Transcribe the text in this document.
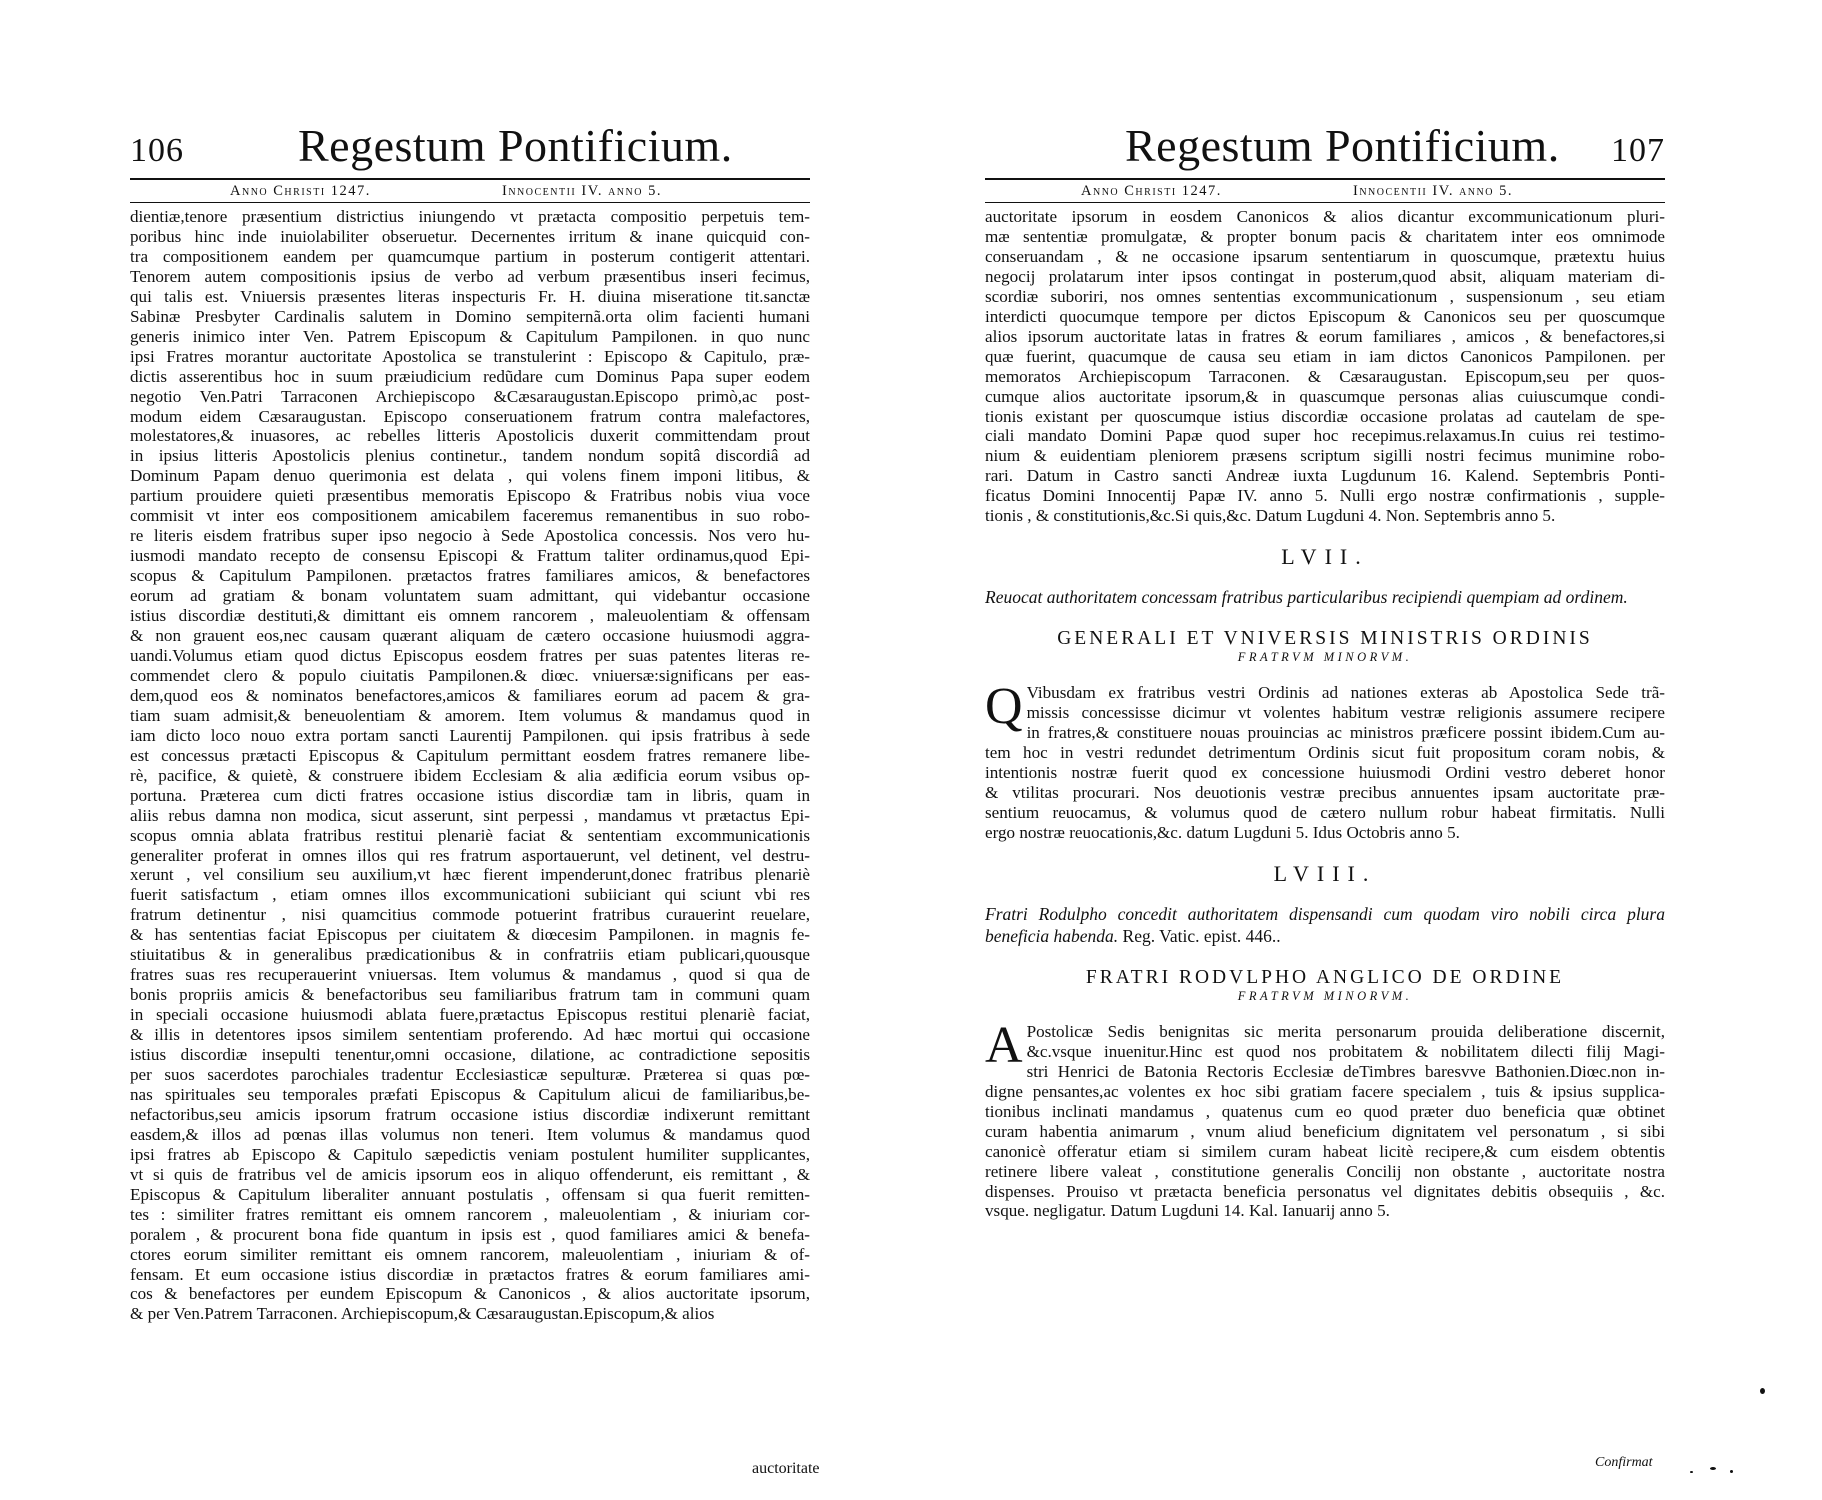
106 Regestum Pontificium.
Anno Christi 1247.	Innocentii IV. anno 5.
dientiæ,tenore præsentium districtius iniungendo vt prætacta compositio perpetuis tem-
poribus hinc inde inuiolabiliter obseruetur. Decernentes irritum & inane quicquid con-
tra compositionem eandem per quamcumque partium in posterum contigerit attentari.
Tenorem autem compositionis ipsius de verbo ad verbum præsentibus inseri fecimus,
qui talis est. Vniuersis præsentes literas inspecturis Fr. H. diuina miseratione tit.sanctæ
Sabinæ Presbyter Cardinalis salutem in Domino sempiternã.orta olim facienti humani
generis inimico inter Ven. Patrem Episcopum & Capitulum Pampilonen. in quo nunc
ipsi Fratres morantur auctoritate Apostolica se transtulerint : Episcopo & Capitulo, præ-
dictis asserentibus hoc in suum præiudicium redũdare cum Dominus Papa super eodem
negotio Ven.Patri Tarraconen Archiepiscopo &Cæsaraugustan.Episcopo primò,ac post-
modum eidem Cæsaraugustan. Episcopo conseruationem fratrum contra malefactores,
molestatores,& inuasores, ac rebelles litteris Apostolicis duxerit committendam prout
in ipsius litteris Apostolicis plenius continetur., tandem nondum sopitâ discordiâ ad
Dominum Papam denuo querimonia est delata , qui volens finem imponi litibus, &
partium prouidere quieti præsentibus memoratis Episcopo & Fratribus nobis viua voce
commisit vt inter eos compositionem amicabilem faceremus remanentibus in suo robo-
re literis eisdem fratribus super ipso negocio à Sede Apostolica concessis. Nos vero hu-
iusmodi mandato recepto de consensu Episcopi & Frattum taliter ordinamus,quod Epi-
scopus & Capitulum Pampilonen. prætactos fratres familiares amicos, & benefactores
eorum ad gratiam & bonam voluntatem suam admittant, qui videbantur occasione
istius discordiæ destituti,& dimittant eis omnem rancorem , maleuolentiam & offensam
& non grauent eos,nec causam quærant aliquam de cætero occasione huiusmodi aggra-
uandi.Volumus etiam quod dictus Episcopus eosdem fratres per suas patentes literas re-
commendet clero & populo ciuitatis Pampilonen.& diœc. vniuersæ:significans per eas-
dem,quod eos & nominatos benefactores,amicos & familiares eorum ad pacem & gra-
tiam suam admisit,& beneuolentiam & amorem. Item volumus & mandamus quod in
iam dicto loco nouo extra portam sancti Laurentij Pampilonen. qui ipsis fratribus à sede
est concessus prætacti Episcopus & Capitulum permittant eosdem fratres remanere libe-
rè, pacifice, & quietè, & construere ibidem Ecclesiam & alia ædificia eorum vsibus op-
portuna. Præterea cum dicti fratres occasione istius discordiæ tam in libris, quam in
aliis rebus damna non modica, sicut asserunt, sint perpessi , mandamus vt prætactus Epi-
scopus omnia ablata fratribus restitui plenariè faciat & sententiam excommunicationis
generaliter proferat in omnes illos qui res fratrum asportauerunt, vel detinent, vel destru-
xerunt , vel consilium seu auxilium,vt hæc fierent impenderunt,donec fratribus plenariè
fuerit satisfactum , etiam omnes illos excommunicationi subiiciant qui sciunt vbi res
fratrum detinentur , nisi quamcitius commode potuerint fratribus curauerint reuelare,
& has sententias faciat Episcopus per ciuitatem & diœcesim Pampilonen. in magnis fe-
stiuitatibus & in generalibus prædicationibus & in confratriis etiam publicari,quousque
fratres suas res recuperauerint vniuersas. Item volumus & mandamus , quod si qua de
bonis propriis amicis & benefactoribus seu familiaribus fratrum tam in communi quam
in speciali occasione huiusmodi ablata fuere,prætactus Episcopus restitui plenariè faciat,
& illis in detentores ipsos similem sententiam proferendo. Ad hæc mortui qui occasione
istius discordiæ insepulti tenentur,omni occasione, dilatione, ac contradictione sepositis
per suos sacerdotes parochiales tradentur Ecclesiasticæ sepulturæ. Præterea si quas pœ-
nas spirituales seu temporales præfati Episcopus & Capitulum alicui de familiaribus,be-
nefactoribus,seu amicis ipsorum fratrum occasione istius discordiæ indixerunt remittant
easdem,& illos ad pœnas illas volumus non teneri. Item volumus & mandamus quod
ipsi fratres ab Episcopo & Capitulo sæpedictis veniam postulent humiliter supplicantes,
vt si quis de fratribus vel de amicis ipsorum eos in aliquo offenderunt, eis remittant , &
Episcopus & Capitulum liberaliter annuant postulatis , offensam si qua fuerit remitten-
tes : similiter fratres remittant eis omnem rancorem , maleuolentiam , & iniuriam cor-
poralem , & procurent bona fide quantum in ipsis est , quod familiares amici & benefa-
ctores eorum similiter remittant eis omnem rancorem, maleuolentiam , iniuriam & of-
fensam. Et eum occasione istius discordiæ in prætactos fratres & eorum familiares ami-
cos & benefactores per eundem Episcopum & Canonicos , & alios auctoritate ipsorum,
& per Ven.Patrem Tarraconen. Archiepiscopum,& Cæsaraugustan.Episcopum,& alios
Regestum Pontificium. 107
Anno Christi 1247.	Innocentii IV. anno 5.
auctoritate ipsorum in eosdem Canonicos & alios dicantur excommunicationum pluri-
mæ sententiæ promulgatæ, & propter bonum pacis & charitatem inter eos omnimode
conseruandam , & ne occasione ipsarum sententiarum in quoscumque, prætextu huius
negocij prolatarum inter ipsos contingat in posterum,quod absit, aliquam materiam di-
scordiæ suboriri, nos omnes sententias excommunicationum , suspensionum , seu etiam
interdicti quocumque tempore per dictos Episcopum & Canonicos seu per quoscumque
alios ipsorum auctoritate latas in fratres & eorum familiares , amicos , & benefactores,si
quæ fuerint, quacumque de causa seu etiam in iam dictos Canonicos Pampilonen. per
memoratos Archiepiscopum Tarraconen. & Cæsaraugustan. Episcopum,seu per quos-
cumque alios auctoritate ipsorum,& in quascumque personas alias cuiuscumque condi-
tionis existant per quoscumque istius discordiæ occasione prolatas ad cautelam de spe-
ciali mandato Domini Papæ quod super hoc recepimus.relaxamus.In cuius rei testimo-
nium & euidentiam pleniorem præsens scriptum sigilli nostri fecimus munimine robo-
rari. Datum in Castro sancti Andreæ iuxta Lugdunum 16. Kalend. Septembris Ponti-
ficatus Domini Innocentij Papæ IV. anno 5. Nulli ergo nostræ confirmationis , supple-
tionis , & constitutionis,&c.Si quis,&c. Datum Lugduni 4. Non. Septembris anno 5.
LVII.
Reuocat authoritatem concessam fratribus particularibus recipiendi quempiam ad ordinem.
GENERALI ET VNIVERSIS MINISTRIS ORDINIS
FRATRVM MINORVM.
Q Vibusdam ex fratribus vestri Ordinis ad nationes exteras ab Apostolica Sede trã-
missis concessisse dicimur vt volentes habitum vestræ religionis assumere recipere
in fratres,& constituere nouas prouincias ac ministros præficere possint ibidem.Cum au-
tem hoc in vestri redundet detrimentum Ordinis sicut fuit propositum coram nobis, &
intentionis nostræ fuerit quod ex concessione huiusmodi Ordini vestro deberet honor
& vtilitas procurari. Nos deuotionis vestræ precibus annuentes ipsam auctoritate præ-
sentium reuocamus, & volumus quod de cætero nullum robur habeat firmitatis. Nulli
ergo nostræ reuocationis,&c. datum Lugduni 5. Idus Octobris anno 5.
LVIII.
Fratri Rodulpho concedit authoritatem dispensandi cum quodam viro nobili circa plura beneficia habenda. Reg. Vatic. epist. 446..
FRATRI RODVLPHO ANGLICO DE ORDINE
FRATRVM MINORVM.
A Postolicæ Sedis benignitas sic merita personarum prouida deliberatione discernit,
&c.vsque inuenitur.Hinc est quod nos probitatem & nobilitatem dilecti filij Magi-
stri Henrici de Batonia Rectoris Ecclesiæ deTimbres baresvve Bathonien.Diœc.non in-
digne pensantes,ac volentes ex hoc sibi gratiam facere specialem , tuis & ipsius supplica-
tionibus inclinati mandamus , quatenus cum eo quod præter duo beneficia quæ obtinet
curam habentia animarum , vnum aliud beneficium dignitatem vel personatum , si sibi
canonicè offeratur etiam si similem curam habeat licitè recipere,& cum eisdem obtentis
retinere libere valeat , constitutione generalis Concilij non obstante , auctoritate nostra
dispenses. Prouiso vt prætacta beneficia personatus vel dignitates debitis obsequiis , &c.
vsque. negligatur. Datum Lugduni 14. Kal. Ianuarij anno 5.
Confirmat
auctoritate
